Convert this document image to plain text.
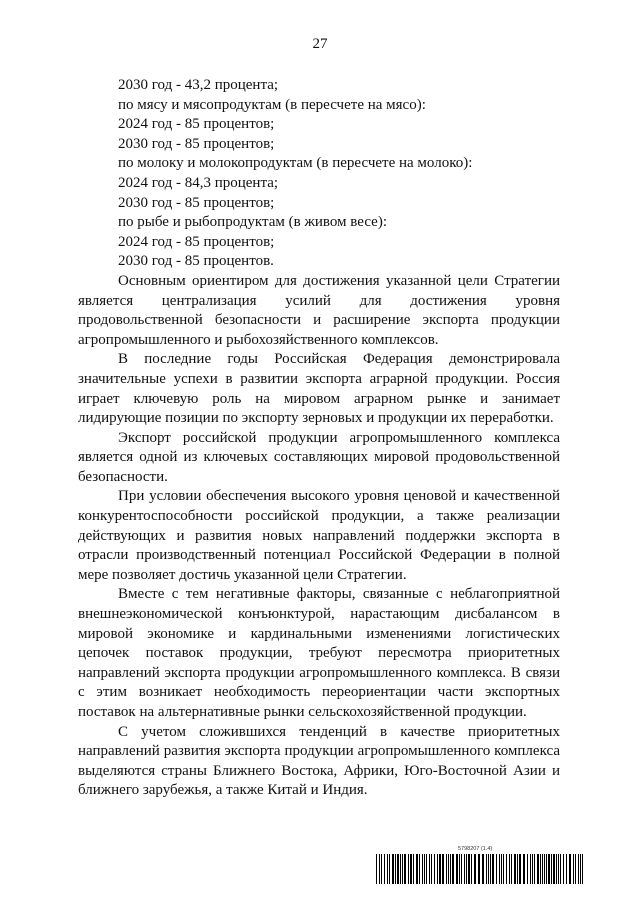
27
2030 год - 43,2 процента;
по мясу и мясопродуктам (в пересчете на мясо):
2024 год - 85 процентов;
2030 год - 85 процентов;
по молоку и молокопродуктам (в пересчете на молоко):
2024 год - 84,3 процента;
2030 год - 85 процентов;
по рыбе и рыбопродуктам (в живом весе):
2024 год - 85 процентов;
2030 год - 85 процентов.

Основным ориентиром для достижения указанной цели Стратегии является централизация усилий для достижения уровня продовольственной безопасности и расширение экспорта продукции агропромышленного и рыбохозяйственного комплексов.

В последние годы Российская Федерация демонстрировала значительные успехи в развитии экспорта аграрной продукции. Россия играет ключевую роль на мировом аграрном рынке и занимает лидирующие позиции по экспорту зерновых и продукции их переработки.

Экспорт российской продукции агропромышленного комплекса является одной из ключевых составляющих мировой продовольственной безопасности.

При условии обеспечения высокого уровня ценовой и качественной конкурентоспособности российской продукции, а также реализации действующих и развития новых направлений поддержки экспорта в отрасли производственный потенциал Российской Федерации в полной мере позволяет достичь указанной цели Стратегии.

Вместе с тем негативные факторы, связанные с неблагоприятной внешнеэкономической конъюнктурой, нарастающим дисбалансом в мировой экономике и кардинальными изменениями логистических цепочек поставок продукции, требуют пересмотра приоритетных направлений экспорта продукции агропромышленного комплекса. В связи с этим возникает необходимость переориентации части экспортных поставок на альтернативные рынки сельскохозяйственной продукции.

С учетом сложившихся тенденций в качестве приоритетных направлений развития экспорта продукции агропромышленного комплекса выделяются страны Ближнего Востока, Африки, Юго-Восточной Азии и ближнего зарубежья, а также Китай и Индия.

5798207 (1.4)
